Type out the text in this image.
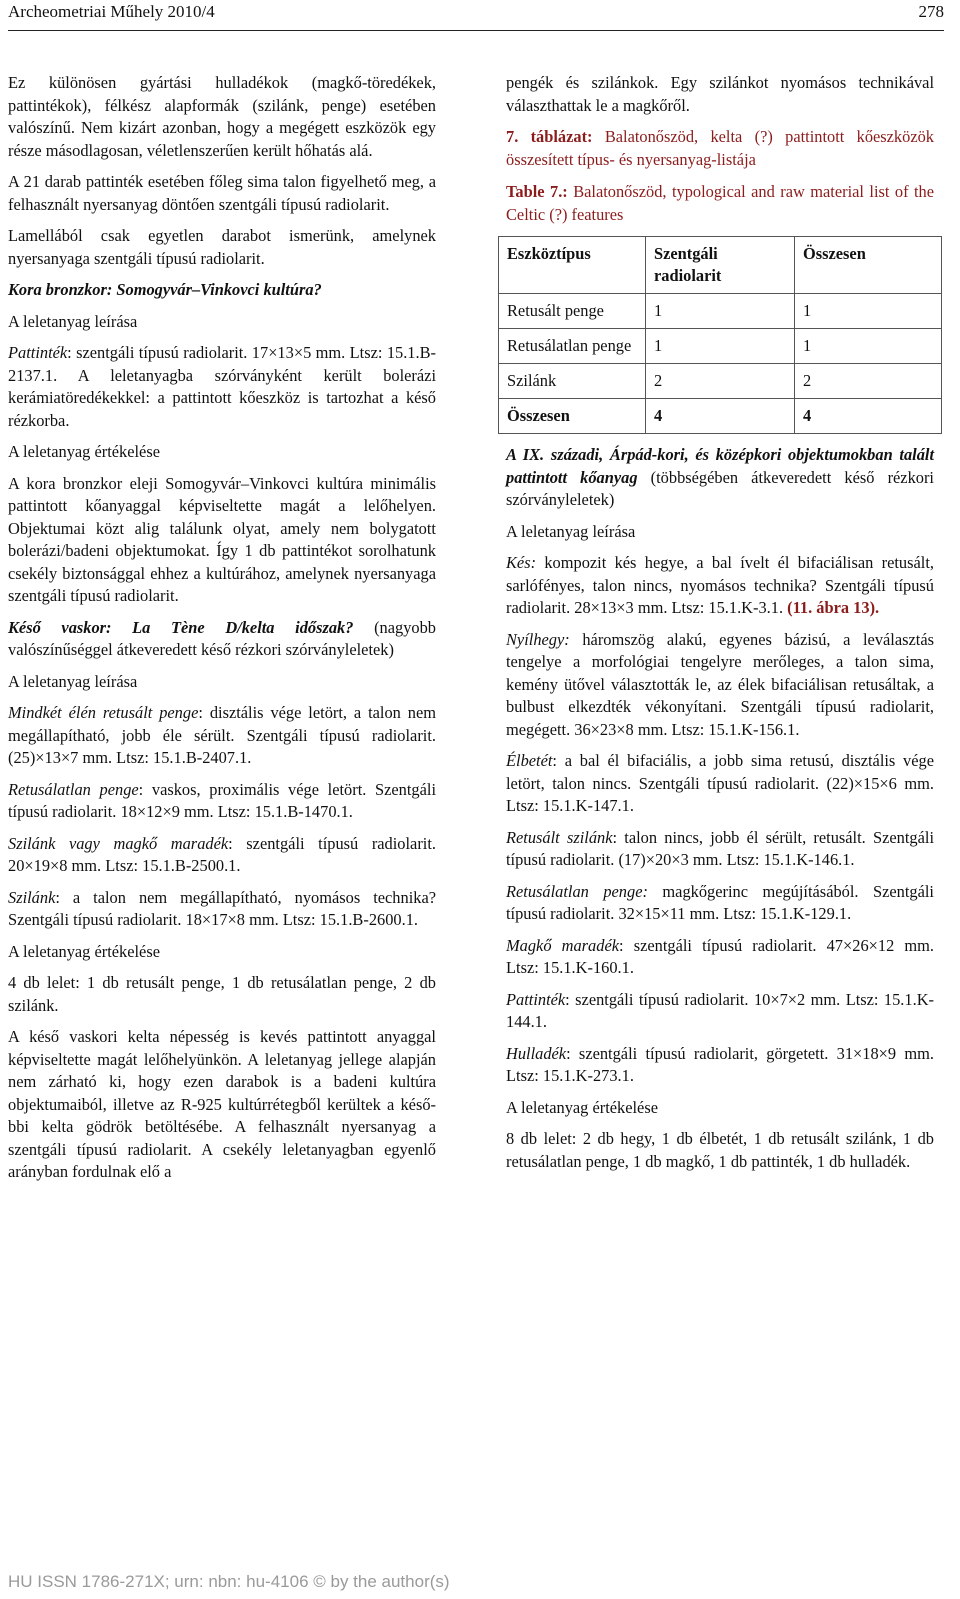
Archeometriai Műhely 2010/4	278

Ez különösen gyártási hulladékok (magkő-töredékek, pattintékok), félkész alapformák (szilánk, penge) esetében valószínű. Nem kizárt azonban, hogy a megégett eszközök egy része másodlagosan, véletlenszerűen került hőhatás alá.

A 21 darab pattinték esetében főleg sima talon figyelhető meg, a felhasznált nyersanyag döntően szentgáli típusú radiolarit.

Lamellából csak egyetlen darabot ismerünk, amelynek nyersanyaga szentgáli típusú radiolarit.

Kora bronzkor: Somogyvár–Vinkovci kultúra?

A leletanyag leírása

Pattinték: szentgáli típusú radiolarit. 17×13×5 mm. Ltsz: 15.1.B-2137.1. A leletanyagba szórványként került bolerázi kerámiatöredékekkel: a pattintott kőeszköz is tartozhat a késő rézkorba.

A leletanyag értékelése

A kora bronzkor eleji Somogyvár–Vinkovci kultúra minimális pattintott kőanyaggal képviseltette magát a lelőhelyen. Objektumai közt alig találunk olyat, amely nem bolygatott bolerázi/badeni objektumokat. Így 1 db pattintékot sorolhatunk csekély biztonsággal ehhez a kultúrához, amelynek nyersanyaga szentgáli típusú radiolarit.

Késő vaskor: La Tène D/kelta időszak? (nagyobb valószínűséggel átkeveredett késő rézkori szórványleletek)

A leletanyag leírása

Mindkét élén retusált penge: disztális vége letört, a talon nem megállapítható, jobb éle sérült. Szentgáli típusú radiolarit. (25)×13×7 mm. Ltsz: 15.1.B-2407.1.

Retusálatlan penge: vaskos, proximális vége letört. Szentgáli típusú radiolarit. 18×12×9 mm. Ltsz: 15.1.B-1470.1.

Szilánk vagy magkő maradék: szentgáli típusú radiolarit. 20×19×8 mm. Ltsz: 15.1.B-2500.1.

Szilánk: a talon nem megállapítható, nyomásos technika? Szentgáli típusú radiolarit. 18×17×8 mm. Ltsz: 15.1.B-2600.1.

A leletanyag értékelése

4 db lelet: 1 db retusált penge, 1 db retusálatlan penge, 2 db szilánk.

A késő vaskori kelta népesség is kevés pattintott anyaggal képviseltette magát lelőhelyünkön. A leletanyag jellege alapján nem zárható ki, hogy ezen darabok is a badeni kultúra objektumaiból, illetve az R-925 kultúrrétegből kerültek a későbbi kelta gödrök betöltésébe. A felhasznált nyersanyag a szentgáli típusú radiolarit. A csekély leletanyagban egyenlő arányban fordulnak elő a

pengék és szilánkok. Egy szilánkot nyomásos technikával választhattak le a magkőről.

7. táblázat: Balatonőszöd, kelta (?) pattintott kőeszközök összesített típus- és nyersanyag-listája

Table 7.: Balatonőszöd, typological and raw material list of the Celtic (?) features

Eszköztípus	Szentgáli radiolarit	Összesen
Retusált penge	1	1
Retusálatlan penge	1	1
Szilánk	2	2
Összesen	4	4

A IX. századi, Árpád-kori, és középkori objektumokban talált pattintott kőanyag (többségében átkeveredett késő rézkori szórványleletek)

A leletanyag leírása

Kés: kompozit kés hegye, a bal ívelt él bifaciálisan retusált, sarlófényes, talon nincs, nyomásos technika? Szentgáli típusú radiolarit. 28×13×3 mm. Ltsz: 15.1.K-3.1. (11. ábra 13).

Nyílhegy: háromszög alakú, egyenes bázisú, a leválasztás tengelye a morfológiai tengelyre merőleges, a talon sima, kemény ütővel választották le, az élek bifaciálisan retusáltak, a bulbust elkezdték vékonyítani. Szentgáli típusú radiolarit, megégett. 36×23×8 mm. Ltsz: 15.1.K-156.1.

Élbetét: a bal él bifaciális, a jobb sima retusú, disztális vége letört, talon nincs. Szentgáli típusú radiolarit. (22)×15×6 mm. Ltsz: 15.1.K-147.1.

Retusált szilánk: talon nincs, jobb él sérült, retusált. Szentgáli típusú radiolarit. (17)×20×3 mm. Ltsz: 15.1.K-146.1.

Retusálatlan penge: magkőgerinc megújításából. Szentgáli típusú radiolarit. 32×15×11 mm. Ltsz: 15.1.K-129.1.

Magkő maradék: szentgáli típusú radiolarit. 47×26×12 mm. Ltsz: 15.1.K-160.1.

Pattinték: szentgáli típusú radiolarit. 10×7×2 mm. Ltsz: 15.1.K-144.1.

Hulladék: szentgáli típusú radiolarit, görgetett. 31×18×9 mm. Ltsz: 15.1.K-273.1.

A leletanyag értékelése

8 db lelet: 2 db hegy, 1 db élbetét, 1 db retusált szilánk, 1 db retusálatlan penge, 1 db magkő, 1 db pattinték, 1 db hulladék.

HU ISSN 1786-271X; urn: nbn: hu-4106 © by the author(s)
